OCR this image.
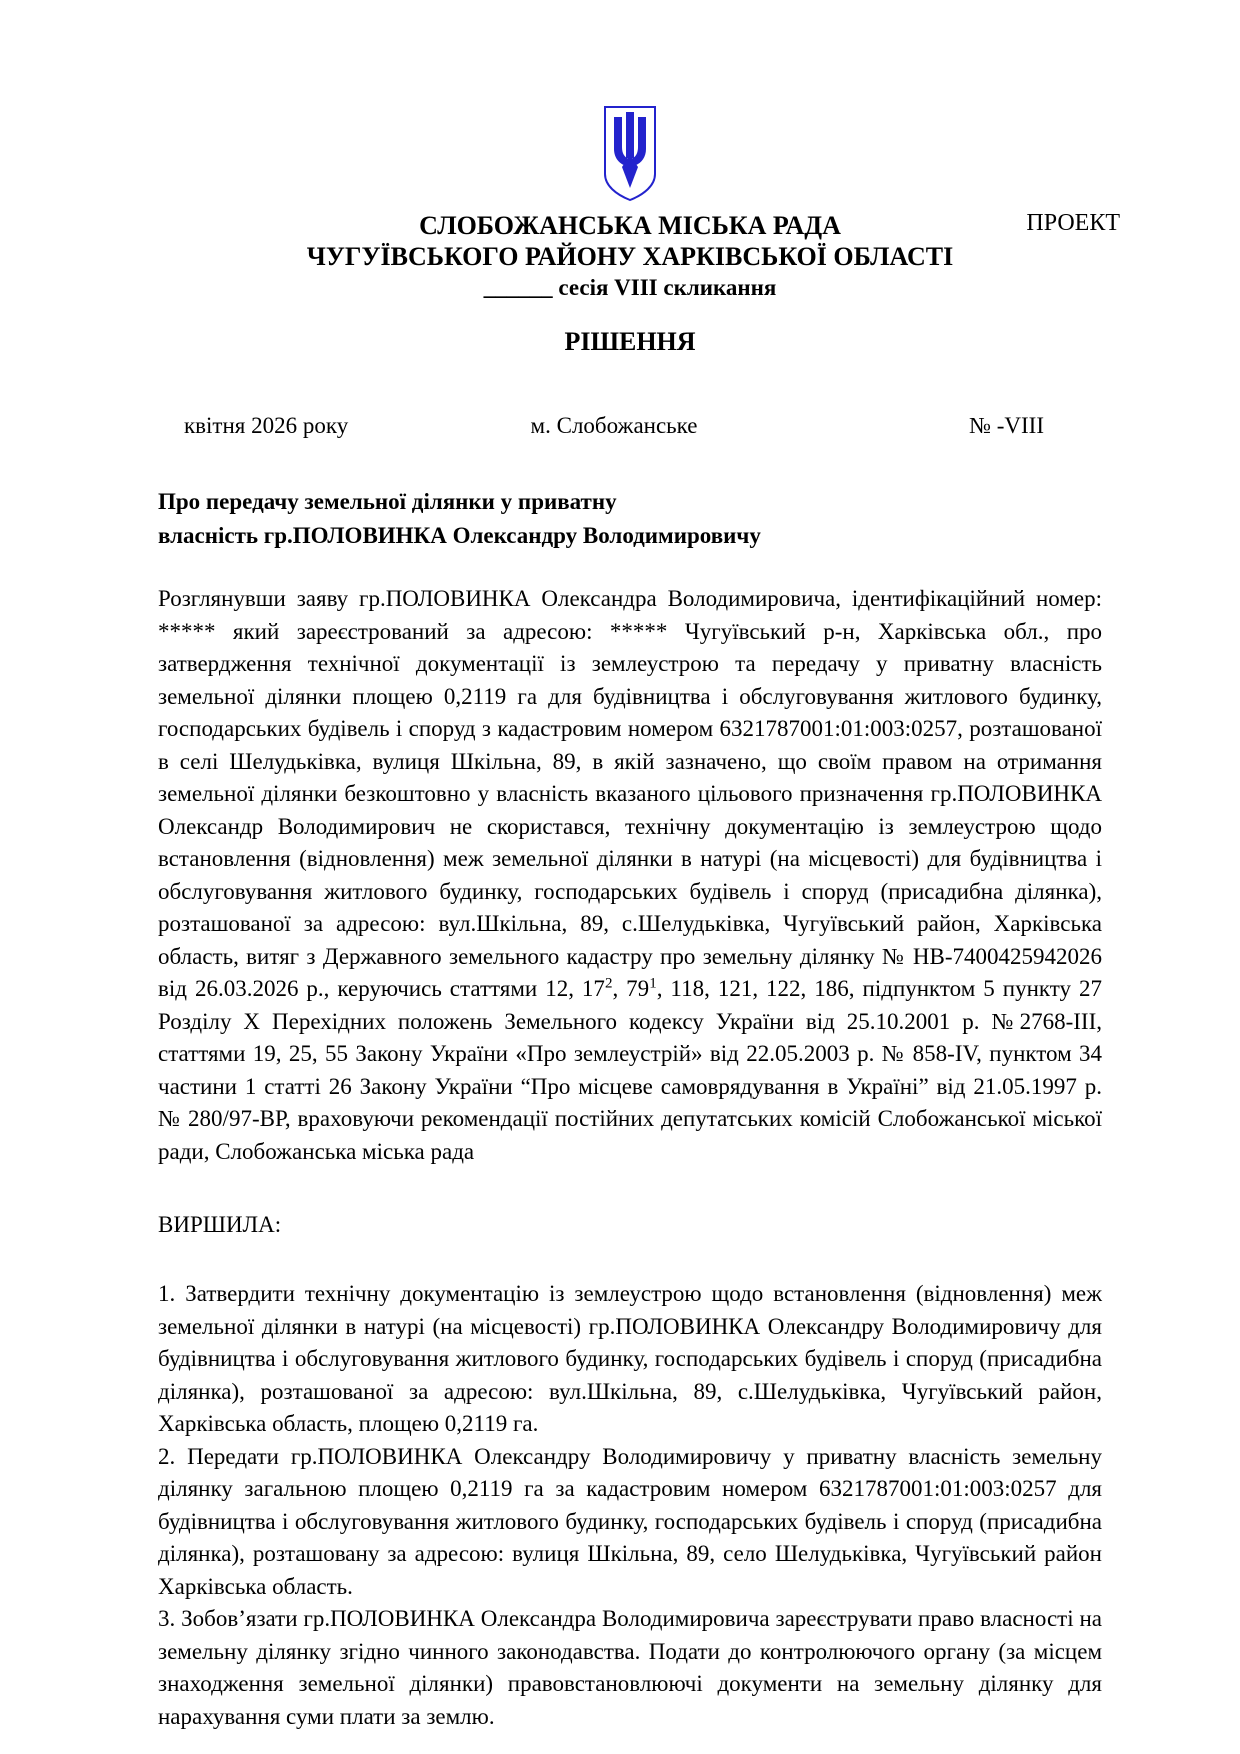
ПРОЕКТ
СЛОБОЖАНСЬКА МІСЬКА РАДА
ЧУГУЇВСЬКОГО РАЙОНУ ХАРКІВСЬКОЇ ОБЛАСТІ
______ сесія VIII скликання
РІШЕННЯ
квітня 2026 року	м. Слобожанське	№ -VIII
Про передачу земельної ділянки у приватну
власність гр.ПОЛОВИНКА Олександру Володимировичу

Розглянувши заяву гр.ПОЛОВИНКА Олександра Володимировича, ідентифікаційний номер: ***** який зареєстрований за адресою: ***** Чугуївський р-н, Харківська обл., про затвердження технічної документації із землеустрою та передачу у приватну власність земельної ділянки площею 0,2119 га для будівництва і обслуговування житлового будинку, господарських будівель і споруд з кадастровим номером 6321787001:01:003:0257, розташованої в селі Шелудьківка, вулиця Шкільна, 89, в якій зазначено, що своїм правом на отримання земельної ділянки безкоштовно у власність вказаного цільового призначення гр.ПОЛОВИНКА Олександр Володимирович не скористався, технічну документацію із землеустрою щодо встановлення (відновлення) меж земельної ділянки в натурі (на місцевості) для будівництва і обслуговування житлового будинку, господарських будівель і споруд (присадибна ділянка), розташованої за адресою: вул.Шкільна, 89, с.Шелудьківка, Чугуївський район, Харківська область, витяг з Державного земельного кадастру про земельну ділянку № НВ-7400425942026 від 26.03.2026 р., керуючись статтями 12, $17^2$, $79^1$, 118, 121, 122, 186, підпунктом 5 пункту 27 Розділу X Перехідних положень Земельного кодексу України від 25.10.2001 р. №2768-ІІІ, статтями 19, 25, 55 Закону України «Про землеустрій» від 22.05.2003 р. № 858-IV, пунктом 34 частини 1 статті 26 Закону України “Про місцеве самоврядування в Україні” від 21.05.1997 р. № 280/97-ВР, враховуючи рекомендації постійних депутатських комісій Слобожанської міської ради, Слобожанська міська рада

ВИРШИЛА:

1. Затвердити технічну документацію із землеустрою щодо встановлення (відновлення) меж земельної ділянки в натурі (на місцевості) гр.ПОЛОВИНКА Олександру Володимировичу для будівництва і обслуговування житлового будинку, господарських будівель і споруд (присадибна ділянка), розташованої за адресою: вул.Шкільна, 89, с.Шелудьківка, Чугуївський район, Харківська область, площею 0,2119 га.

2. Передати гр.ПОЛОВИНКА Олександру Володимировичу у приватну власність земельну ділянку загальною площею 0,2119 га за кадастровим номером 6321787001:01:003:0257 для будівництва і обслуговування житлового будинку, господарських будівель і споруд (присадибна ділянка), розташовану за адресою: вулиця Шкільна, 89, село Шелудьківка, Чугуївський район Харківська область.

3. Зобов’язати гр.ПОЛОВИНКА Олександра Володимировича зареєструвати право власності на земельну ділянку згідно чинного законодавства. Подати до контролюючого органу (за місцем знаходження земельної ділянки) правовстановлюючі документи на земельну ділянку для нарахування суми плати за землю.
